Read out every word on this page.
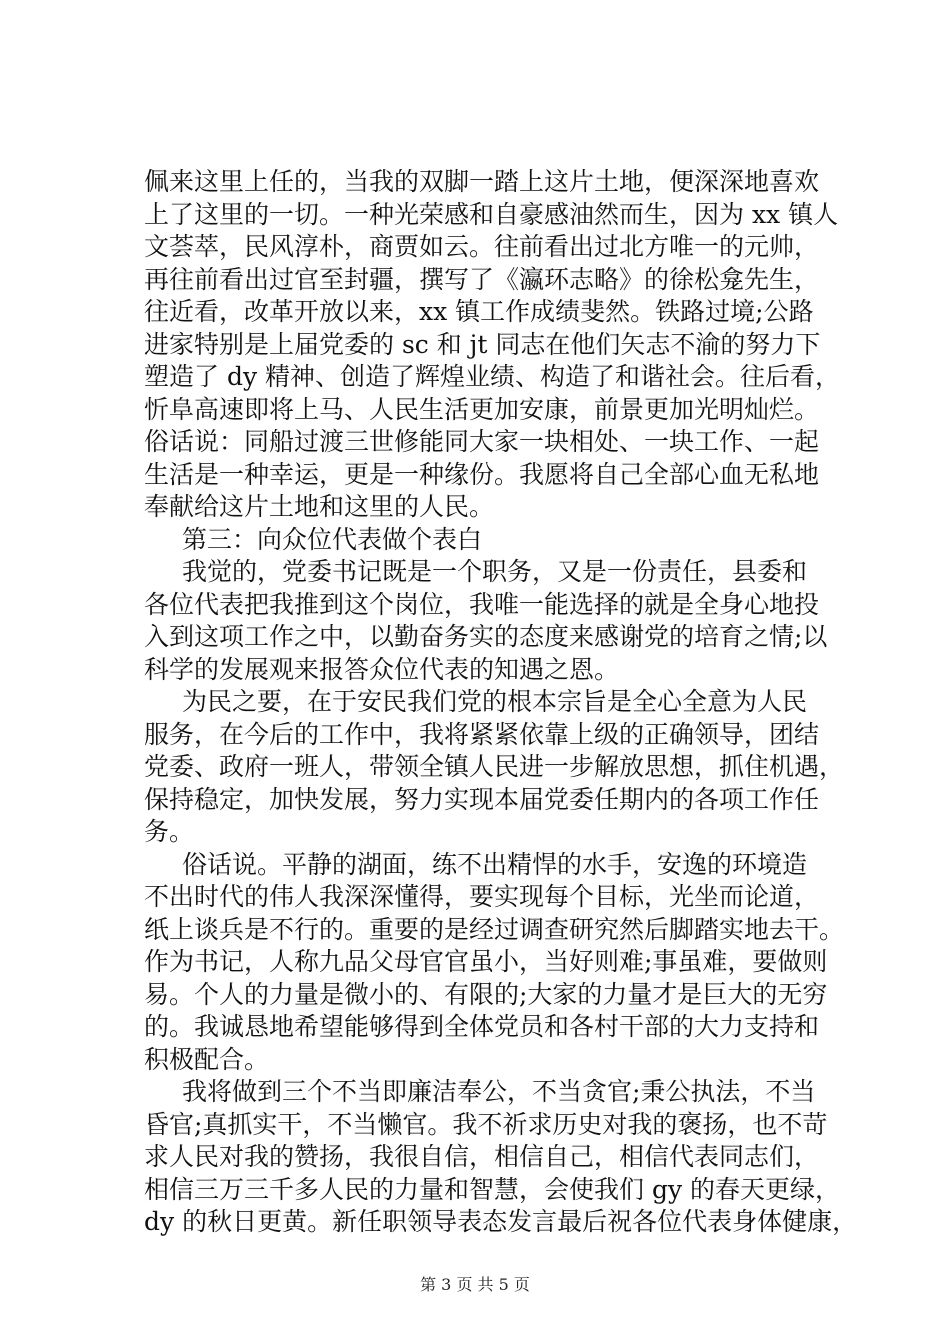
佩来这里上任的，当我的双脚一踏上这片土地，便深深地喜欢
上了这里的一切。一种光荣感和自豪感油然而生，因为 xx 镇人
文荟萃，民风淳朴，商贾如云。往前看出过北方唯一的元帅，
再往前看出过官至封疆，撰写了《瀛环志略》的徐松龛先生，
往近看，改革开放以来，xx 镇工作成绩斐然。铁路过境;公路
进家特别是上届党委的 sc 和 jt 同志在他们矢志不渝的努力下
塑造了 dy 精神、创造了辉煌业绩、构造了和谐社会。往后看，
忻阜高速即将上马、人民生活更加安康，前景更加光明灿烂。
俗话说：同船过渡三世修能同大家一块相处、一块工作、一起
生活是一种幸运，更是一种缘份。我愿将自己全部心血无私地
奉献给这片土地和这里的人民。
第三：向众位代表做个表白
我觉的，党委书记既是一个职务，又是一份责任，县委和
各位代表把我推到这个岗位，我唯一能选择的就是全身心地投
入到这项工作之中，以勤奋务实的态度来感谢党的培育之情;以
科学的发展观来报答众位代表的知遇之恩。
为民之要，在于安民我们党的根本宗旨是全心全意为人民
服务，在今后的工作中，我将紧紧依靠上级的正确领导，团结
党委、政府一班人，带领全镇人民进一步解放思想，抓住机遇，
保持稳定，加快发展，努力实现本届党委任期内的各项工作任
务。
俗话说。平静的湖面，练不出精悍的水手，安逸的环境造
不出时代的伟人我深深懂得，要实现每个目标，光坐而论道，
纸上谈兵是不行的。重要的是经过调查研究然后脚踏实地去干。
作为书记，人称九品父母官官虽小，当好则难;事虽难，要做则
易。个人的力量是微小的、有限的;大家的力量才是巨大的无穷
的。我诚恳地希望能够得到全体党员和各村干部的大力支持和
积极配合。
我将做到三个不当即廉洁奉公，不当贪官;秉公执法，不当
昏官;真抓实干，不当懒官。我不祈求历史对我的褒扬，也不苛
求人民对我的赞扬，我很自信，相信自己，相信代表同志们，
相信三万三千多人民的力量和智慧，会使我们 gy 的春天更绿，
dy 的秋日更黄。新任职领导表态发言最后祝各位代表身体健康，
第 3 页 共 5 页
